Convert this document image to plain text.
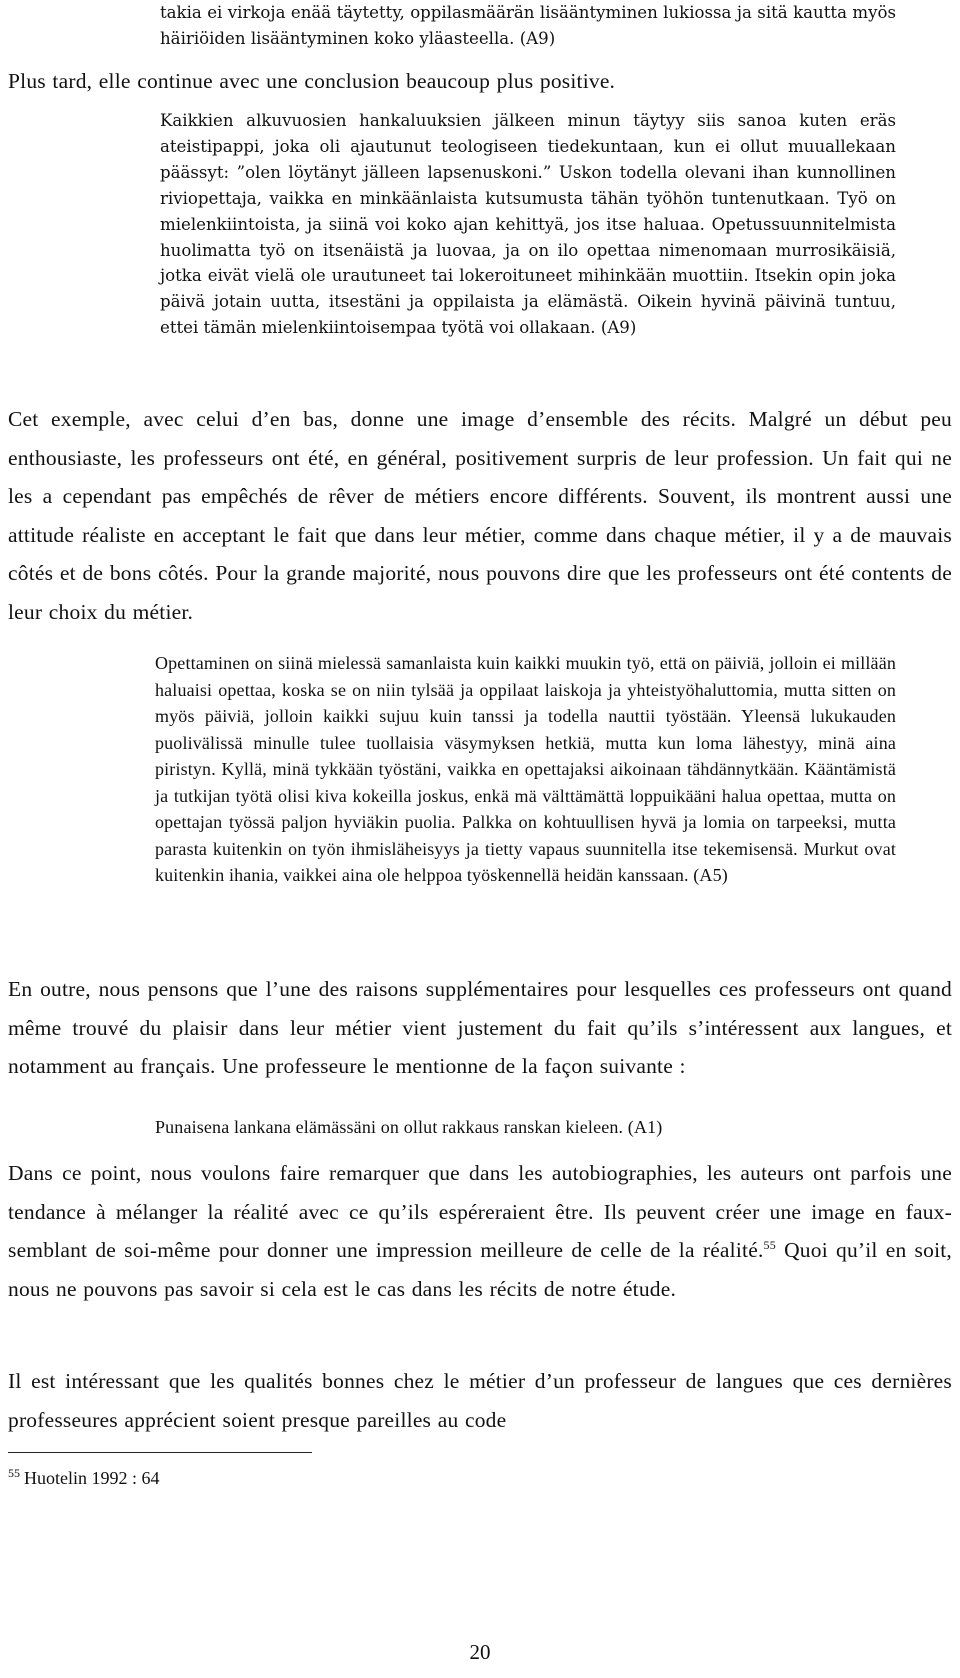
takia ei virkoja enää täytetty, oppilasmäärän lisääntyminen lukiossa ja sitä kautta myös häiriöiden lisääntyminen koko yläasteella. (A9)

Plus tard, elle continue avec une conclusion beaucoup plus positive.

Kaikkien alkuvuosien hankaluuksien jälkeen minun täytyy siis sanoa kuten eräs ateistipappi, joka oli ajautunut teologiseen tiedekuntaan, kun ei ollut muuallekaan päässyt: ”olen löytänyt jälleen lapsenuskoni.” Uskon todella olevani ihan kunnollinen riviopettaja, vaikka en minkäänlaista kutsumusta tähän työhön tuntenutkaan. Työ on mielenkiintoista, ja siinä voi koko ajan kehittyä, jos itse haluaa. Opetussuunnitelmista huolimatta työ on itsenäistä ja luovaa, ja on ilo opettaa nimenomaan murrosikäisiä, jotka eivät vielä ole urautuneet tai lokeroituneet mihinkään muottiin. Itsekin opin joka päivä jotain uutta, itsestäni ja oppilaista ja elämästä. Oikein hyvinä päivinä tuntuu, ettei tämän mielenkiintoisempaa työtä voi ollakaan. (A9)

Cet exemple, avec celui d’en bas, donne une image d’ensemble des récits. Malgré un début peu enthousiaste, les professeurs ont été, en général, positivement surpris de leur profession. Un fait qui ne les a cependant pas empêchés de rêver de métiers encore différents. Souvent, ils montrent aussi une attitude réaliste en acceptant le fait que dans leur métier, comme dans chaque métier, il y a de mauvais côtés et de bons côtés. Pour la grande majorité, nous pouvons dire que les professeurs ont été contents de leur choix du métier.

Opettaminen on siinä mielessä samanlaista kuin kaikki muukin työ, että on päiviä, jolloin ei millään haluaisi opettaa, koska se on niin tylsää ja oppilaat laiskoja ja yhteistyöhaluttomia, mutta sitten on myös päiviä, jolloin kaikki sujuu kuin tanssi ja todella nauttii työstään. Yleensä lukukauden puolivälissä minulle tulee tuollaisia väsymyksen hetkiä, mutta kun loma lähestyy, minä aina piristyn. Kyllä, minä tykkään työstäni, vaikka en opettajaksi aikoinaan tähdännytkään. Kääntämistä ja tutkijan työtä olisi kiva kokeilla joskus, enkä mä välttämättä loppuikääni halua opettaa, mutta on opettajan työssä paljon hyviäkin puolia. Palkka on kohtuullisen hyvä ja lomia on tarpeeksi, mutta parasta kuitenkin on työn ihmisläheisyys ja tietty vapaus suunnitella itse tekemisensä. Murkut ovat kuitenkin ihania, vaikkei aina ole helppoa työskennellä heidän kanssaan. (A5)

En outre, nous pensons que l’une des raisons supplémentaires pour lesquelles ces professeurs ont quand même trouvé du plaisir dans leur métier vient justement du fait qu’ils s’intéressent aux langues, et notamment au français. Une professeure le mentionne de la façon suivante :

Punaisena lankana elämässäni on ollut rakkaus ranskan kieleen. (A1)

Dans ce point, nous voulons faire remarquer que dans les autobiographies, les auteurs ont parfois une tendance à mélanger la réalité avec ce qu’ils espéreraient être. Ils peuvent créer une image en faux-semblant de soi-même pour donner une impression meilleure de celle de la réalité.$^{55}$ Quoi qu’il en soit, nous ne pouvons pas savoir si cela est le cas dans les récits de notre étude.

Il est intéressant que les qualités bonnes chez le métier d’un professeur de langues que ces dernières professeures apprécient soient presque pareilles au code

$^{55}$ Huotelin 1992 : 64
20
